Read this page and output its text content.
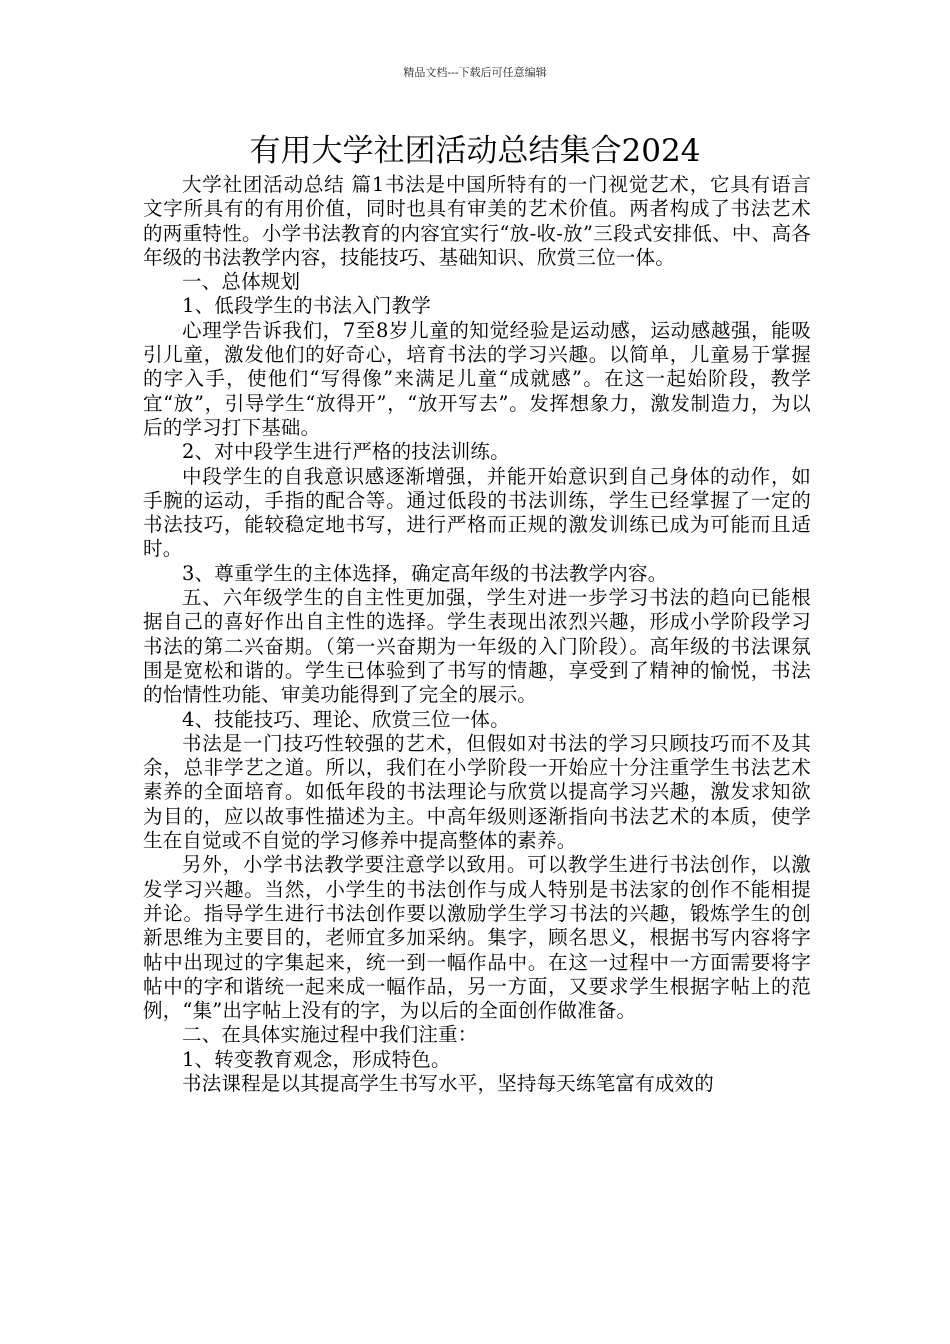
精品文档---下载后可任意编辑
有用大学社团活动总结集合2024

大学社团活动总结 篇1书法是中国所特有的一门视觉艺术，它具有语言文字所具有的有用价值，同时也具有审美的艺术价值。两者构成了书法艺术的两重特性。小学书法教育的内容宜实行“放-收-放”三段式安排低、中、高各年级的书法教学内容，技能技巧、基础知识、欣赏三位一体。

一、总体规划

1、低段学生的书法入门教学

心理学告诉我们，7至8岁儿童的知觉经验是运动感，运动感越强，能吸引儿童，激发他们的好奇心，培育书法的学习兴趣。以简单，儿童易于掌握的字入手，使他们“写得像”来满足儿童“成就感”。在这一起始阶段，教学宜“放”，引导学生“放得开”，“放开写去”。发挥想象力，激发制造力，为以后的学习打下基础。

2、对中段学生进行严格的技法训练。

中段学生的自我意识感逐渐增强，并能开始意识到自己身体的动作，如手腕的运动，手指的配合等。通过低段的书法训练，学生已经掌握了一定的书法技巧，能较稳定地书写，进行严格而正规的激发训练已成为可能而且适时。

3、尊重学生的主体选择，确定高年级的书法教学内容。

五、六年级学生的自主性更加强，学生对进一步学习书法的趋向已能根据自己的喜好作出自主性的选择。学生表现出浓烈兴趣，形成小学阶段学习书法的第二兴奋期。（第一兴奋期为一年级的入门阶段）。高年级的书法课氛围是宽松和谐的。学生已体验到了书写的情趣，享受到了精神的愉悦，书法的怡情性功能、审美功能得到了完全的展示。

4、技能技巧、理论、欣赏三位一体。

书法是一门技巧性较强的艺术，但假如对书法的学习只顾技巧而不及其余，总非学艺之道。所以，我们在小学阶段一开始应十分注重学生书法艺术素养的全面培育。如低年段的书法理论与欣赏以提高学习兴趣，激发求知欲为目的，应以故事性描述为主。中高年级则逐渐指向书法艺术的本质，使学生在自觉或不自觉的学习修养中提高整体的素养。

另外，小学书法教学要注意学以致用。可以教学生进行书法创作，以激发学习兴趣。当然，小学生的书法创作与成人特别是书法家的创作不能相提并论。指导学生进行书法创作要以激励学生学习书法的兴趣，锻炼学生的创新思维为主要目的，老师宜多加采纳。集字，顾名思义，根据书写内容将字帖中出现过的字集起来，统一到一幅作品中。在这一过程中一方面需要将字帖中的字和谐统一起来成一幅作品，另一方面，又要求学生根据字帖上的范例，“集”出字帖上没有的字，为以后的全面创作做准备。

二、在具体实施过程中我们注重：

1、转变教育观念，形成特色。

书法课程是以其提高学生书写水平，坚持每天练笔富有成效的
